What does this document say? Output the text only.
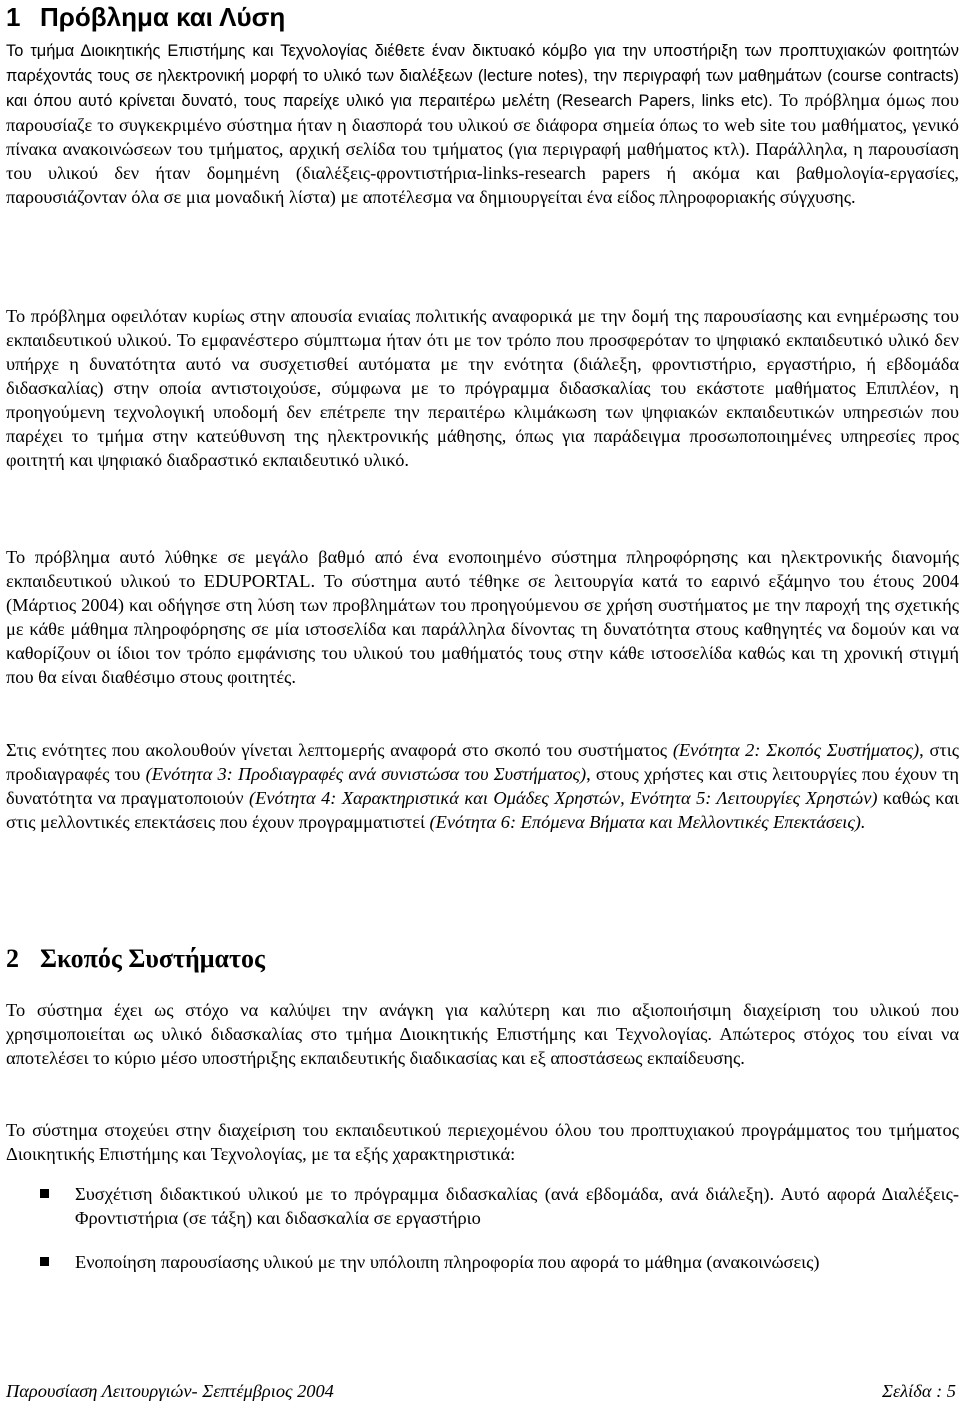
1 Πρόβλημα και Λύση

Το τμήμα Διοικητικής Επιστήμης και Τεχνολογίας διέθετε έναν δικτυακό κόμβο για την υποστήριξη των προπτυχιακών φοιτητών παρέχοντάς τους σε ηλεκτρονική μορφή το υλικό των διαλέξεων (lecture notes), την περιγραφή των μαθημάτων (course contracts) και όπου αυτό κρίνεται δυνατό, τους παρείχε υλικό για περαιτέρω μελέτη (Research Papers, links etc). Το πρόβλημα όμως που παρουσίαζε το συγκεκριμένο σύστημα ήταν η διασπορά του υλικού σε διάφορα σημεία όπως το web site του μαθήματος, γενικό πίνακα ανακοινώσεων του τμήματος, αρχική σελίδα του τμήματος (για περιγραφή μαθήματος κτλ). Παράλληλα, η παρουσίαση του υλικού δεν ήταν δομημένη (διαλέξεις-φροντιστήρια-links-research papers ή ακόμα και βαθμολογία-εργασίες, παρουσιάζονταν όλα σε μια μοναδική λίστα) με αποτέλεσμα να δημιουργείται ένα είδος πληροφοριακής σύγχυσης.

Το πρόβλημα οφειλόταν κυρίως στην απουσία ενιαίας πολιτικής αναφορικά με την δομή της παρουσίασης και ενημέρωσης του εκπαιδευτικού υλικού. Το εμφανέστερο σύμπτωμα ήταν ότι με τον τρόπο που προσφερόταν το ψηφιακό εκπαιδευτικό υλικό δεν υπήρχε η δυνατότητα αυτό να συσχετισθεί αυτόματα με την ενότητα (διάλεξη, φροντιστήριο, εργαστήριο, ή εβδομάδα διδασκαλίας) στην οποία αντιστοιχούσε, σύμφωνα με το πρόγραμμα διδασκαλίας του εκάστοτε μαθήματος Επιπλέον, η προηγούμενη τεχνολογική υποδομή δεν επέτρεπε την περαιτέρω κλιμάκωση των ψηφιακών εκπαιδευτικών υπηρεσιών που παρέχει το τμήμα στην κατεύθυνση της ηλεκτρονικής μάθησης, όπως για παράδειγμα προσωποποιημένες υπηρεσίες προς φοιτητή και ψηφιακό διαδραστικό εκπαιδευτικό υλικό.

Το πρόβλημα αυτό λύθηκε σε μεγάλο βαθμό από ένα ενοποιημένο σύστημα πληροφόρησης και ηλεκτρονικής διανομής εκπαιδευτικού υλικού το EDUPORTAL. Το σύστημα αυτό τέθηκε σε λειτουργία κατά το εαρινό εξάμηνο του έτους 2004 (Μάρτιος 2004) και οδήγησε στη λύση των προβλημάτων του προηγούμενου σε χρήση συστήματος με την παροχή της σχετικής με κάθε μάθημα πληροφόρησης σε μία ιστοσελίδα και παράλληλα δίνοντας τη δυνατότητα στους καθηγητές να δομούν και να καθορίζουν οι ίδιοι τον τρόπο εμφάνισης του υλικού του μαθήματός τους στην κάθε ιστοσελίδα καθώς και τη χρονική στιγμή που θα είναι διαθέσιμο στους φοιτητές.

Στις ενότητες που ακολουθούν γίνεται λεπτομερής αναφορά στο σκοπό του συστήματος (Ενότητα 2: Σκοπός Συστήματος), στις προδιαγραφές του (Ενότητα 3: Προδιαγραφές ανά συνιστώσα του Συστήματος), στους χρήστες και στις λειτουργίες που έχουν τη δυνατότητα να πραγματοποιούν (Ενότητα 4: Χαρακτηριστικά και Ομάδες Χρηστών, Ενότητα 5: Λειτουργίες Χρηστών) καθώς και στις μελλοντικές επεκτάσεις που έχουν προγραμματιστεί (Ενότητα 6: Επόμενα Βήματα και Μελλοντικές Επεκτάσεις).

2 Σκοπός Συστήματος

Το σύστημα έχει ως στόχο να καλύψει την ανάγκη για καλύτερη και πιο αξιοποιήσιμη διαχείριση του υλικού που χρησιμοποιείται ως υλικό διδασκαλίας στο τμήμα Διοικητικής Επιστήμης και Τεχνολογίας. Απώτερος στόχος του είναι να αποτελέσει το κύριο μέσο υποστήριξης εκπαιδευτικής διαδικασίας και εξ αποστάσεως εκπαίδευσης.

Το σύστημα στοχεύει στην διαχείριση του εκπαιδευτικού περιεχομένου όλου του προπτυχιακού προγράμματος του τμήματος Διοικητικής Επιστήμης και Τεχνολογίας, με τα εξής χαρακτηριστικά:

Συσχέτιση διδακτικού υλικού με το πρόγραμμα διδασκαλίας (ανά εβδομάδα, ανά διάλεξη). Αυτό αφορά Διαλέξεις-Φροντιστήρια (σε τάξη) και διδασκαλία σε εργαστήριο
Ενοποίηση παρουσίασης υλικού με την υπόλοιπη πληροφορία που αφορά το μάθημα (ανακοινώσεις)
Παρουσίαση Λειτουργιών- Σεπτέμβριος 2004	Σελίδα : 5
